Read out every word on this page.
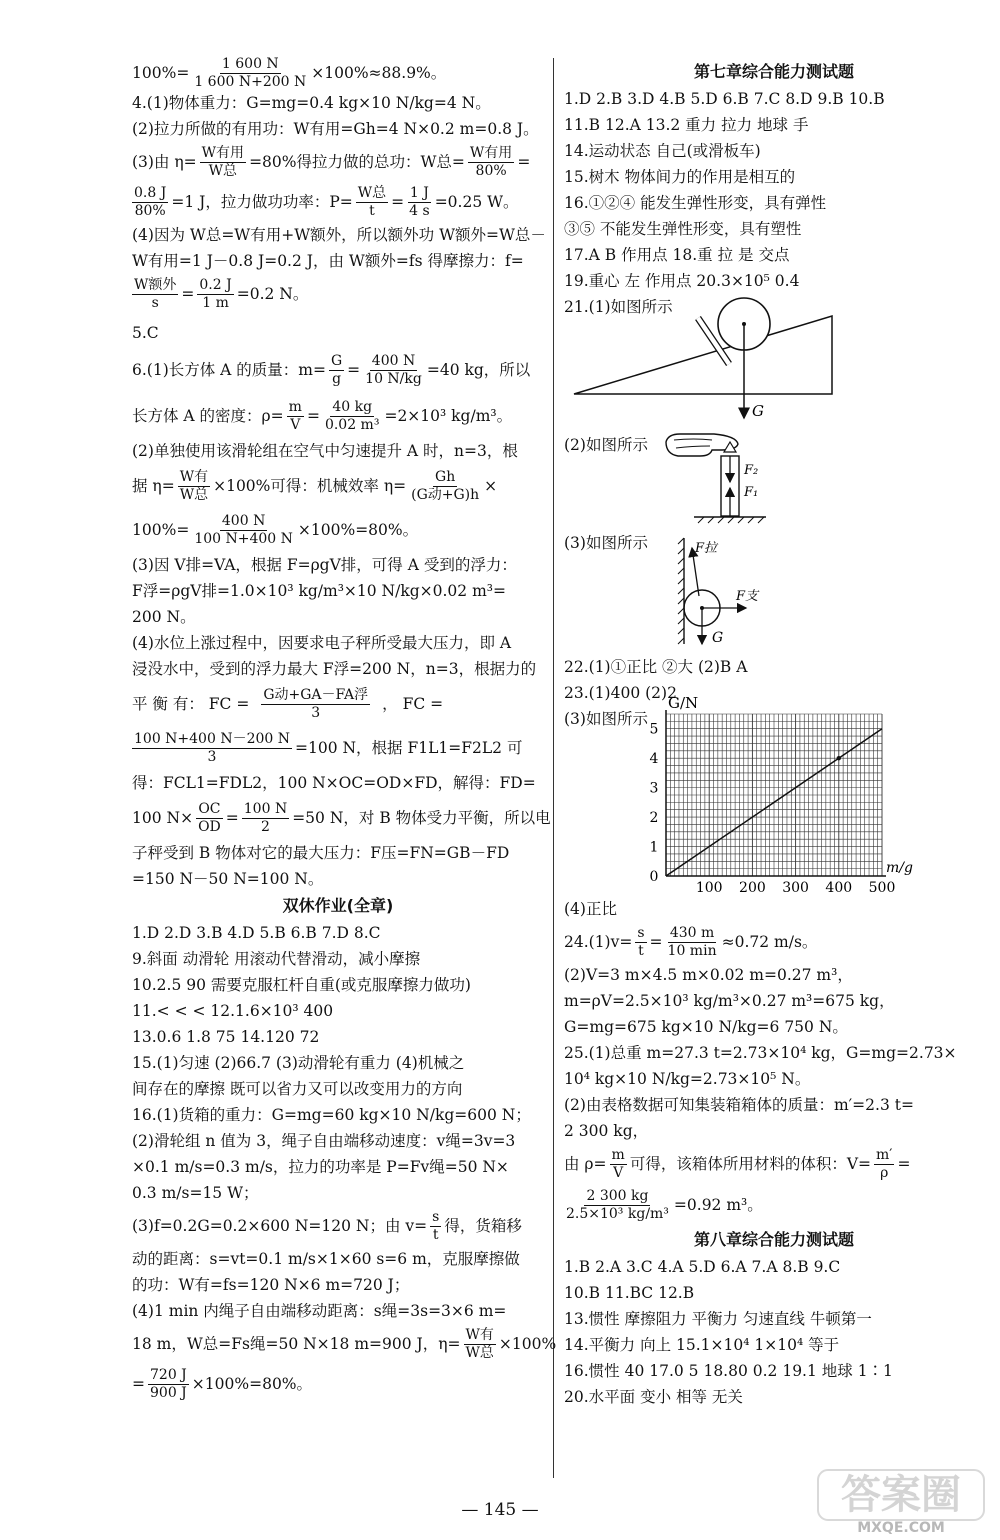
$100\%= \frac{1 600 N}{1 600 N+200 N} \times 100\%\approx 88.9\%$。
4.(1)物体重力：G=mg=0.4 kg×10 N/kg=4 N。
(2)拉力所做的有用功：W有用=Gh=4 N×0.2 m=0.8 J。
(3)由 $\eta= \frac{\text{W有用}}{\text{W总}} =80\%$得拉力做的总功：W总= $\frac{\text{W有用}}{80\%}$ =
$\frac{0.8 J}{80\%} =1$ J，拉力做功功率：$P= \frac{\text{W总}}{t} = \frac{1 J}{4 s} =0.25$ W。
(4)因为 W总=W有用+W额外，所以额外功 W额外=W总－
W有用=1 J－0.8 J=0.2 J，由 W额外=fs 得摩擦力：f=
$\frac{\text{W额外}}{s} = \frac{0.2 J}{1 m} =0.2$ N。
5.C
6.(1)长方体 A 的质量：$m= \frac{G}{g} = \frac{400 N}{10 N/kg} =40$ kg，所以
长方体 A 的密度：$\rho= \frac{m}{V} = \frac{40 kg}{\text{0.02 m³}} =2\times 10^3$ kg/m³。
(2)单独使用该滑轮组在空气中匀速提升 A 时，n=3，根
据 $\eta= \frac{\text{W有}}{\text{W总}} \times 100\%$可得：机械效率 $\eta= \frac{Gh}{\text{(G动+G)h}}$ ×
$100\%= \frac{400 N}{100 N+400 N} \times 100\%=80\%$。
(3)因 V排=VA，根据 F=ρgV排，可得 A 受到的浮力：
F浮=ρgV排=1.0×10³ kg/m³×10 N/kg×0.02 m³=
200 N。
(4)水位上涨过程中，因要求电子秤所受最大压力，即 A
浸没水中，受到的浮力最大 F浮=200 N，n=3，根据力的
平 衡 有： FC = $\frac{\text{G动+GA－FA浮}}{3}$ ， FC =
$\frac{100 N+400 N-200 N}{3} =100$ N，根据 F1L1=F2L2 可
得：FCL1=FDL2，100 N×OC=OD×FD，解得：FD=
100 $N\times \frac{OC}{OD} = \frac{100 N}{2} =50$ N，对 B 物体受力平衡，所以电
子秤受到 B 物体对它的最大压力：F压=FN=GB－FD
=150 N－50 N=100 N。
双休作业(全章)
1.D 2.D 3.B 4.D 5.B 6.B 7.D 8.C
9.斜面 动滑轮 用滚动代替滑动，减小摩擦
10.2.5 90 需要克服杠杆自重(或克服摩擦力做功)
11.< < < 12.1.6×10³ 400
13.0.6 1.8 75 14.120 72
15.(1)匀速 (2)66.7 (3)动滑轮有重力 (4)机械之
间存在的摩擦 既可以省力又可以改变用力的方向
16.(1)货箱的重力：G=mg=60 kg×10 N/kg=600 N；
(2)滑轮组 n 值为 3，绳子自由端移动速度：v绳=3v=3
×0.1 m/s=0.3 m/s，拉力的功率是 P=Fv绳=50 N×
0.3 m/s=15 W；
(3)f=0.2G=0.2×600 N=120 N；由 $v= \frac{s}{t}$ 得，货箱移
动的距离：s=vt=0.1 m/s×1×60 s=6 m，克服摩擦做
的功：W有=fs=120 N×6 m=720 J；
(4)1 min 内绳子自由端移动距离：s绳=3s=3×6 m=
18 m，W总=Fs绳=50 N×18 m=900 J，$\eta= \frac{\text{W有}}{\text{W总}} \times 100\%$
= $\frac{720 J}{900 J} \times 100\%=80\%$。
第七章综合能力测试题
1.D 2.B 3.D 4.B 5.D 6.B 7.C 8.D 9.B 10.B
11.B 12.A 13.2 重力 拉力 地球 手
14.运动状态 自己(或滑板车)
15.树木 物体间力的作用是相互的
16.①②④ 能发生弹性形变，具有弹性
③⑤ 不能发生弹性形变，具有塑性
17.A B 作用点 18.重 拉 是 交点
19.重心 左 作用点 20.3×10⁵ 0.4
21.(1)如图所示
G
(2)如图所示
F₂
F₁
(3)如图所示	F拉
F支
G
22.(1)①正比 ②大 (2)B A
23.(1)400 (2)2
(3)如图所示
0
1
2
3
4
5
100 200 300 400 500
G/N
m/g
(4)正比
$24.(1)v= \frac{s}{t} = \frac{430 m}{10 \min} \approx 0.72$ m/s。
(2)V=3 m×4.5 m×0.02 m=0.27 m³，
m=ρV=2.5×10³ kg/m³×0.27 m³=675 kg，
G=mg=675 kg×10 N/kg=6 750 N。
25.(1)总重 m=27.3 t=2.73×10⁴ kg，G=mg=2.73×
10⁴ kg×10 N/kg=2.73×10⁵ N。
(2)由表格数据可知集装箱箱体的质量：m′=2.3 t=
2 300 kg，
由 $\rho= \frac{m}{V}$ 可得，该箱体所用材料的体积：$V= \frac{m'}{\rho}$ =
$\frac{2 300 kg}{\text{2.5×10³ kg/m³}} =0.92$ m³。
第八章综合能力测试题
1.B 2.A 3.C 4.A 5.D 6.A 7.A 8.B 9.C
10.B 11.BC 12.B
13.惯性 摩擦阻力 平衡力 匀速直线 牛顿第一
14.平衡力 向上 15.1×10⁴ 1×10⁴ 等于
16.惯性 40 17.0 5 18.80 0.2 19.1 地球 1∶1
20.水平面 变小 相等 无关
— 145 —	答案圈
MXQE.COM
